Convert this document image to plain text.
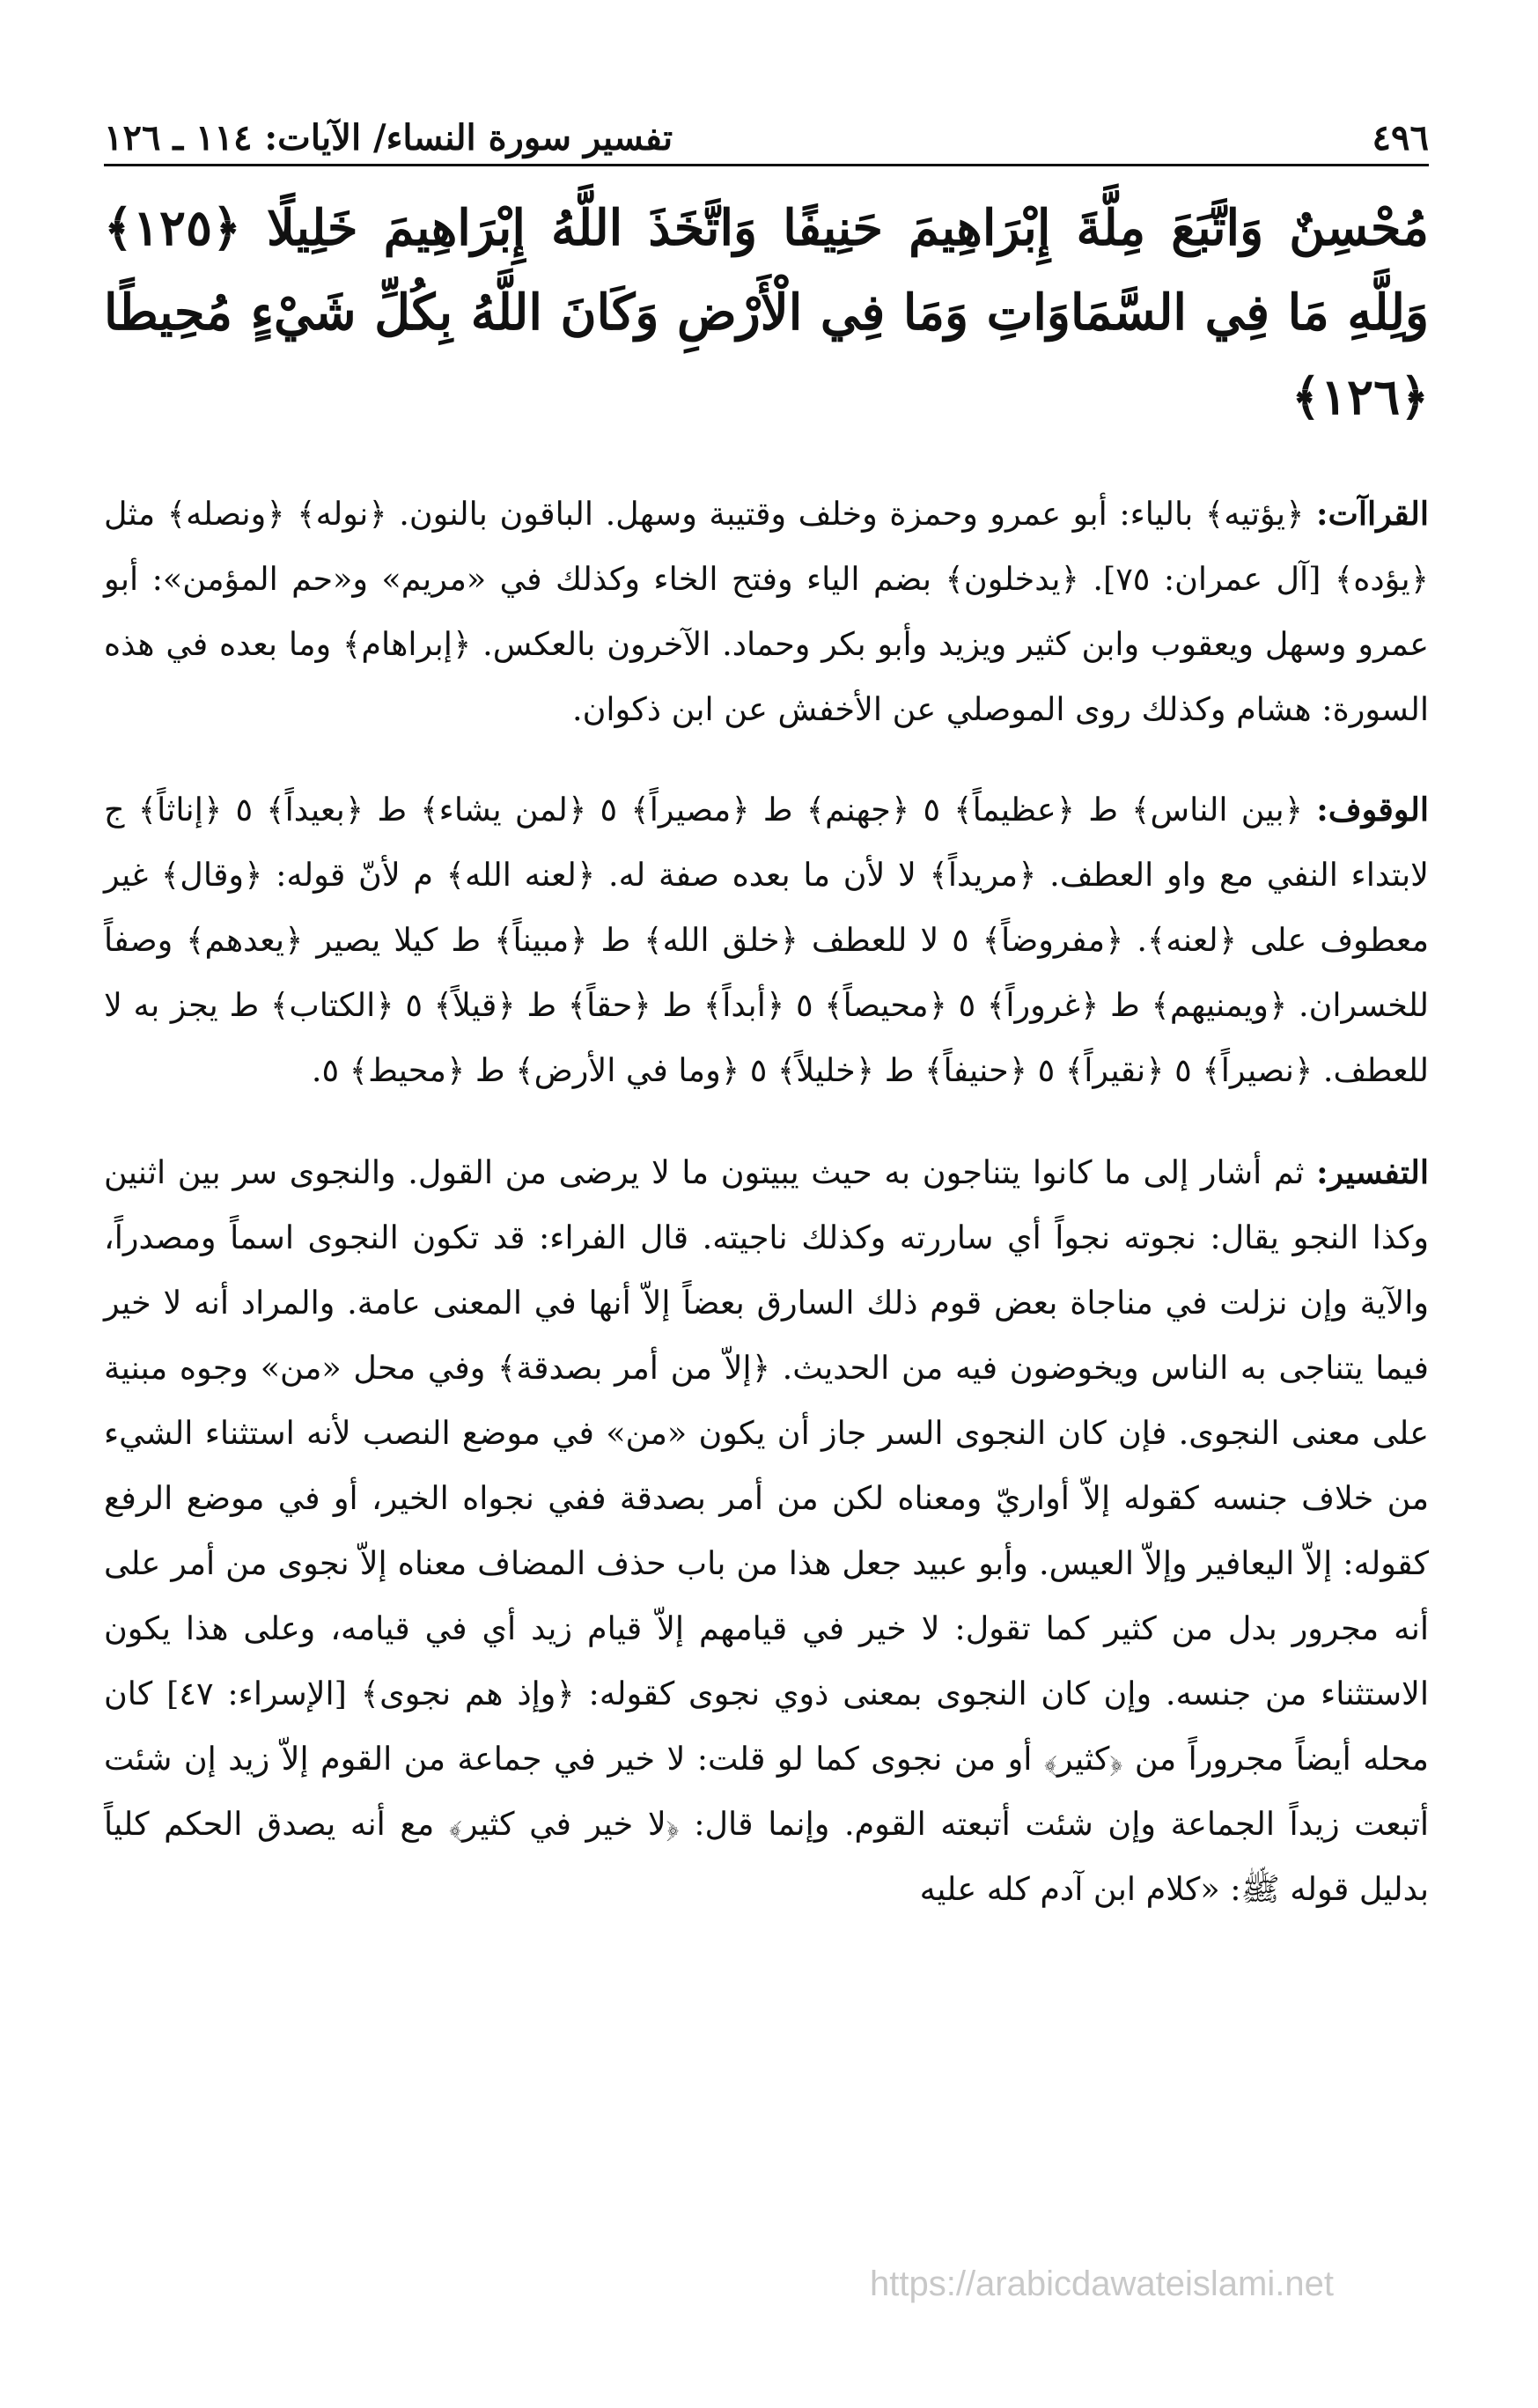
٤٩٦
تفسير سورة النساء/ الآيات: ١١٤ ـ ١٢٦
مُحْسِنٌ وَاتَّبَعَ مِلَّةَ إِبْرَاهِيمَ حَنِيفًا وَاتَّخَذَ اللَّهُ إِبْرَاهِيمَ خَلِيلًا ﴿١٢٥﴾ وَلِلَّهِ مَا فِي السَّمَاوَاتِ وَمَا فِي الْأَرْضِ وَكَانَ اللَّهُ بِكُلِّ شَيْءٍ مُحِيطًا ﴿١٢٦﴾

القراآت: ﴿يؤتيه﴾ بالياء: أبو عمرو وحمزة وخلف وقتيبة وسهل. الباقون بالنون. ﴿نوله﴾ ﴿ونصله﴾ مثل ﴿يؤده﴾ [آل عمران: ٧٥]. ﴿يدخلون﴾ بضم الياء وفتح الخاء وكذلك في «مريم» و«حم المؤمن»: أبو عمرو وسهل ويعقوب وابن كثير ويزيد وأبو بكر وحماد. الآخرون بالعكس. ﴿إبراهام﴾ وما بعده في هذه السورة: هشام وكذلك روى الموصلي عن الأخفش عن ابن ذكوان.

الوقوف: ﴿بين الناس﴾ ط ﴿عظيماً﴾ ٥ ﴿جهنم﴾ ط ﴿مصيراً﴾ ٥ ﴿لمن يشاء﴾ ط ﴿بعيداً﴾ ٥ ﴿إناثاً﴾ ج لابتداء النفي مع واو العطف. ﴿مريداً﴾ لا لأن ما بعده صفة له. ﴿لعنه الله﴾ م لأنّ قوله: ﴿وقال﴾ غير معطوف على ﴿لعنه﴾. ﴿مفروضاً﴾ ٥ لا للعطف ﴿خلق الله﴾ ط ﴿مبيناً﴾ ط كيلا يصير ﴿يعدهم﴾ وصفاً للخسران. ﴿ويمنيهم﴾ ط ﴿غروراً﴾ ٥ ﴿محيصاً﴾ ٥ ﴿أبداً﴾ ط ﴿حقاً﴾ ط ﴿قيلاً﴾ ٥ ﴿الكتاب﴾ ط يجز به لا للعطف. ﴿نصيراً﴾ ٥ ﴿نقيراً﴾ ٥ ﴿حنيفاً﴾ ط ﴿خليلاً﴾ ٥ ﴿وما في الأرض﴾ ط ﴿محيط﴾ ٥.

التفسير: ثم أشار إلى ما كانوا يتناجون به حيث يبيتون ما لا يرضى من القول. والنجوى سر بين اثنين وكذا النجو يقال: نجوته نجواً أي ساررته وكذلك ناجيته. قال الفراء: قد تكون النجوى اسماً ومصدراً، والآية وإن نزلت في مناجاة بعض قوم ذلك السارق بعضاً إلاّ أنها في المعنى عامة. والمراد أنه لا خير فيما يتناجى به الناس ويخوضون فيه من الحديث. ﴿إلاّ من أمر بصدقة﴾ وفي محل «من» وجوه مبنية على معنى النجوى. فإن كان النجوى السر جاز أن يكون «من» في موضع النصب لأنه استثناء الشيء من خلاف جنسه كقوله إلاّ أواريّ ومعناه لكن من أمر بصدقة ففي نجواه الخير، أو في موضع الرفع كقوله: إلاّ اليعافير وإلاّ العيس. وأبو عبيد جعل هذا من باب حذف المضاف معناه إلاّ نجوى من أمر على أنه مجرور بدل من كثير كما تقول: لا خير في قيامهم إلاّ قيام زيد أي في قيامه، وعلى هذا يكون الاستثناء من جنسه. وإن كان النجوى بمعنى ذوي نجوى كقوله: ﴿وإذ هم نجوى﴾ [الإسراء: ٤٧] كان محله أيضاً مجروراً من ﴿كثير﴾ أو من نجوى كما لو قلت: لا خير في جماعة من القوم إلاّ زيد إن شئت أتبعت زيداً الجماعة وإن شئت أتبعته القوم. وإنما قال: ﴿لا خير في كثير﴾ مع أنه يصدق الحكم كلياً بدليل قوله ﷺ: «كلام ابن آدم كله عليه

https://arabicdawateislami.net
